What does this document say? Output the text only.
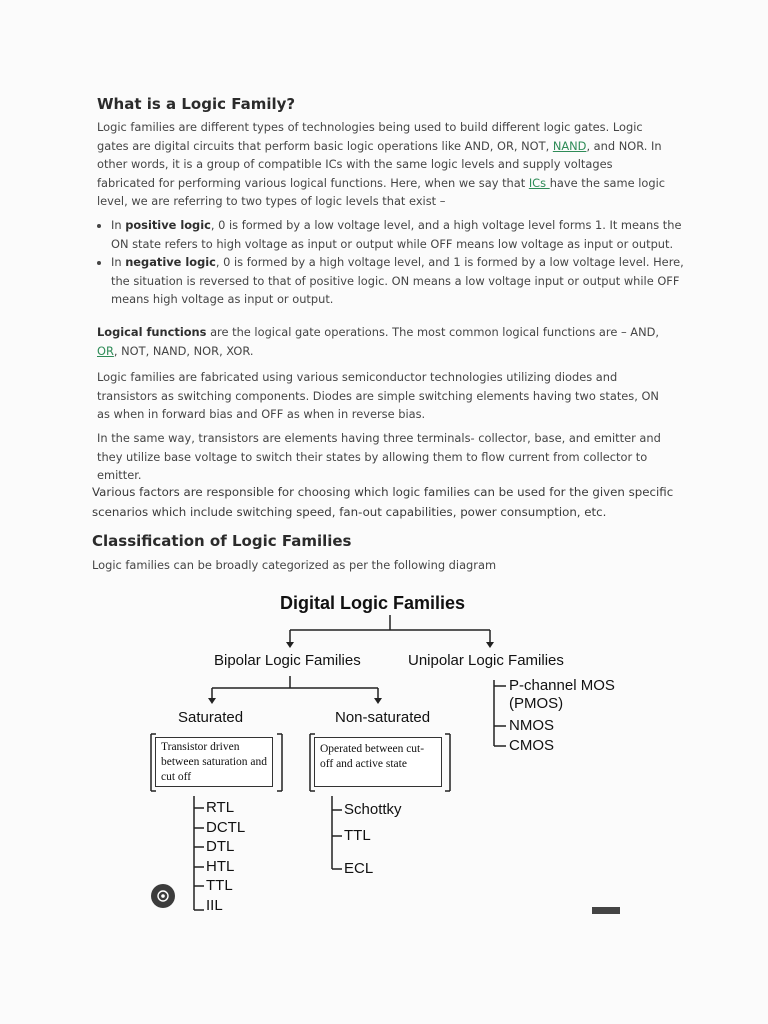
What is a Logic Family?

Logic families are different types of technologies being used to build different logic gates. Logic gates are digital circuits that perform basic logic operations like AND, OR, NOT, NAND, and NOR. In other words, it is a group of compatible ICs with the same logic levels and supply voltages fabricated for performing various logical functions. Here, when we say that ICs have the same logic level, we are referring to two types of logic levels that exist –

• In positive logic, 0 is formed by a low voltage level, and a high voltage level forms 1. It means the ON state refers to high voltage as input or output while OFF means low voltage as input or output.
• In negative logic, 0 is formed by a high voltage level, and 1 is formed by a low voltage level. Here, the situation is reversed to that of positive logic. ON means a low voltage input or output while OFF means high voltage as input or output.

Logical functions are the logical gate operations. The most common logical functions are – AND, OR, NOT, NAND, NOR, XOR.

Logic families are fabricated using various semiconductor technologies utilizing diodes and transistors as switching components. Diodes are simple switching elements having two states, ON as when in forward bias and OFF as when in reverse bias.

In the same way, transistors are elements having three terminals- collector, base, and emitter and they utilize base voltage to switch their states by allowing them to flow current from collector to emitter.

Various factors are responsible for choosing which logic families can be used for the given specific scenarios which include switching speed, fan-out capabilities, power consumption, etc.

Classification of Logic Families

Logic families can be broadly categorized as per the following diagram

Digital Logic Families
Bipolar Logic Families	Unipolar Logic Families
P-channel MOS
(PMOS)
NMOS
CMOS
Saturated	Non-saturated
Transistor driven between saturation and cut off
Operated between cut-off and active state
RTL
DCTL
DTL
HTL
TTL
IIL
Schottky
TTL
ECL
